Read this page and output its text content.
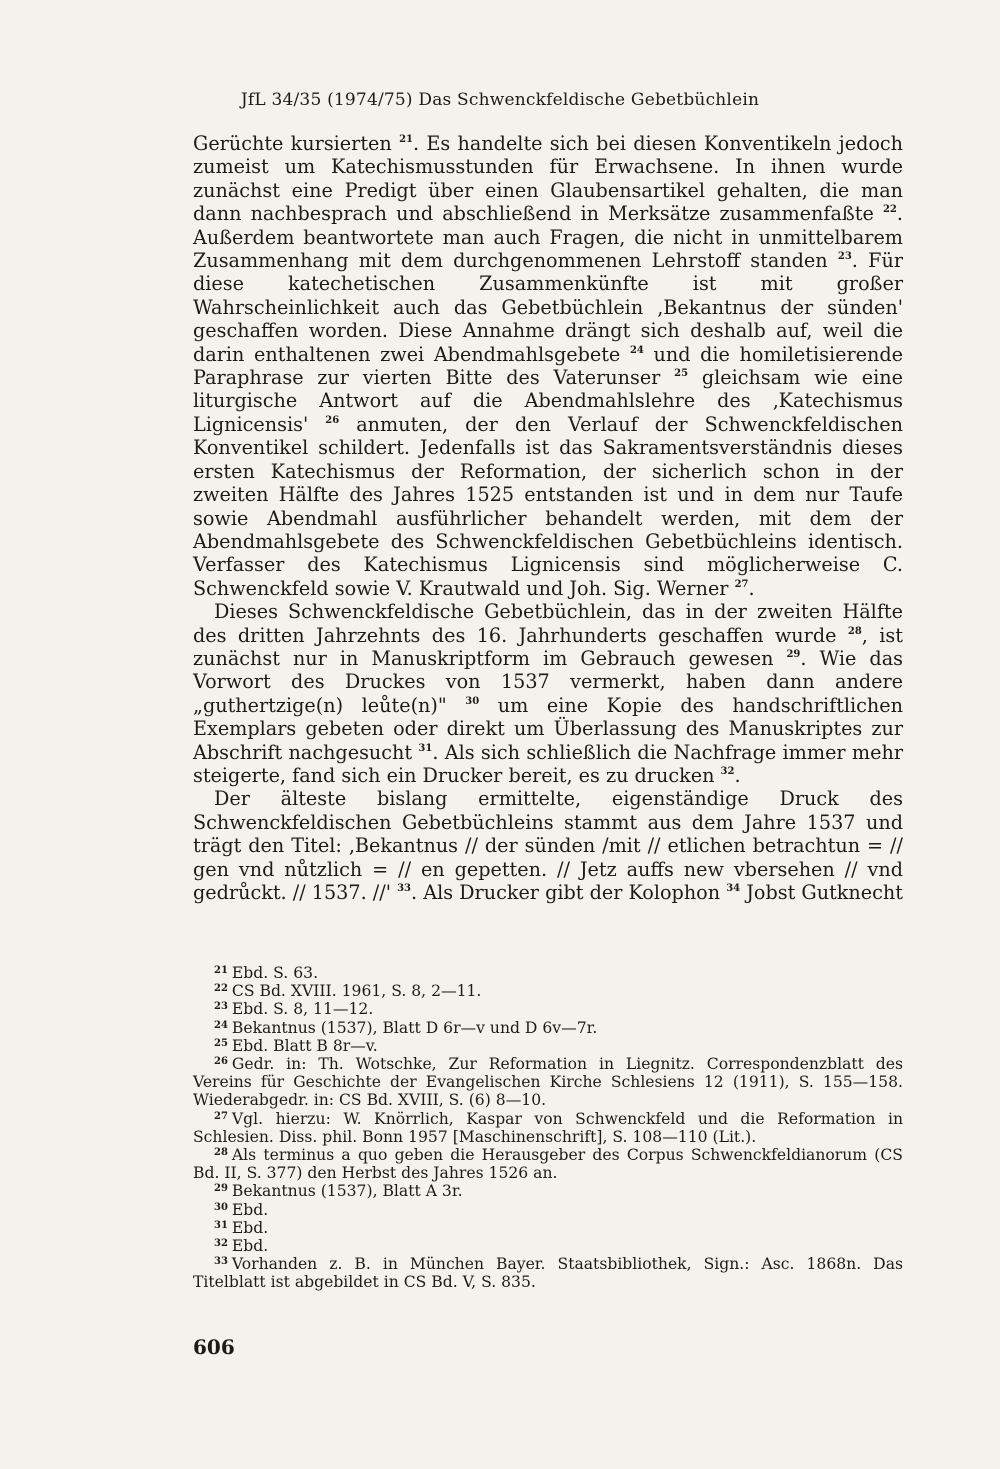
JfL 34/35 (1974/75) Das Schwenckfeldische Gebetbüchlein

Gerüchte kursierten $^{21}$. Es handelte sich bei diesen Konventikeln jedoch zumeist um Katechismusstunden für Erwachsene. In ihnen wurde zunächst eine Predigt über einen Glaubensartikel gehalten, die man dann nachbesprach und abschließend in Merksätze zusammenfaßte $^{22}$. Außerdem beantwortete man auch Fragen, die nicht in unmittelbarem Zusammenhang mit dem durchgenommenen Lehrstoff standen $^{23}$. Für diese katechetischen Zusammenkünfte ist mit großer Wahrscheinlichkeit auch das Gebetbüchlein ‚Bekantnus der sünden' geschaffen worden. Diese Annahme drängt sich deshalb auf, weil die darin enthaltenen zwei Abendmahlsgebete $^{24}$ und die homiletisierende Paraphrase zur vierten Bitte des Vaterunser $^{25}$ gleichsam wie eine liturgische Antwort auf die Abendmahlslehre des ‚Katechismus Lignicensis' $^{26}$ anmuten, der den Verlauf der Schwenckfeldischen Konventikel schildert. Jedenfalls ist das Sakramentsverständnis dieses ersten Katechismus der Reformation, der sicherlich schon in der zweiten Hälfte des Jahres 1525 entstanden ist und in dem nur Taufe sowie Abendmahl ausführlicher behandelt werden, mit dem der Abendmahlsgebete des Schwenckfeldischen Gebetbüchleins identisch. Verfasser des Katechismus Lignicensis sind möglicherweise C. Schwenckfeld sowie V. Krautwald und Joh. Sig. Werner $^{27}$.

Dieses Schwenckfeldische Gebetbüchlein, das in der zweiten Hälfte des dritten Jahrzehnts des 16. Jahrhunderts geschaffen wurde $^{28}$, ist zunächst nur in Manuskriptform im Gebrauch gewesen $^{29}$. Wie das Vorwort des Druckes von 1537 vermerkt, haben dann andere „guthertzige(n) leůte(n)" $^{30}$ um eine Kopie des handschriftlichen Exemplars gebeten oder direkt um Überlassung des Manuskriptes zur Abschrift nachgesucht $^{31}$. Als sich schließlich die Nachfrage immer mehr steigerte, fand sich ein Drucker bereit, es zu drucken $^{32}$.

Der älteste bislang ermittelte, eigenständige Druck des Schwenckfeldischen Gebetbüchleins stammt aus dem Jahre 1537 und trägt den Titel: ‚Bekantnus // der sünden /mit // etlichen betrachtun = // gen vnd nůtzlich = // en gepetten. // Jetz auffs new vbersehen // vnd gedrůckt. // 1537. //' $^{33}$. Als Drucker gibt der Kolophon $^{34}$ Jobst Gutknecht

$^{21}$ Ebd. S. 63.
$^{22}$ CS Bd. XVIII. 1961, S. 8, 2—11.
$^{23}$ Ebd. S. 8, 11—12.
$^{24}$ Bekantnus (1537), Blatt D 6r—v und D 6v—7r.
$^{25}$ Ebd. Blatt B 8r—v.
$^{26}$ Gedr. in: Th. Wotschke, Zur Reformation in Liegnitz. Correspondenzblatt des Vereins für Geschichte der Evangelischen Kirche Schlesiens 12 (1911), S. 155—158. Wiederabgedr. in: CS Bd. XVIII, S. (6) 8—10.
$^{27}$ Vgl. hierzu: W. Knörrlich, Kaspar von Schwenckfeld und die Reformation in Schlesien. Diss. phil. Bonn 1957 [Maschinenschrift], S. 108—110 (Lit.).
$^{28}$ Als terminus a quo geben die Herausgeber des Corpus Schwenckfeldianorum (CS Bd. II, S. 377) den Herbst des Jahres 1526 an.
$^{29}$ Bekantnus (1537), Blatt A 3r.
$^{30}$ Ebd.
$^{31}$ Ebd.
$^{32}$ Ebd.
$^{33}$ Vorhanden z. B. in München Bayer. Staatsbibliothek, Sign.: Asc. 1868n. Das Titelblatt ist abgebildet in CS Bd. V, S. 835.
606
